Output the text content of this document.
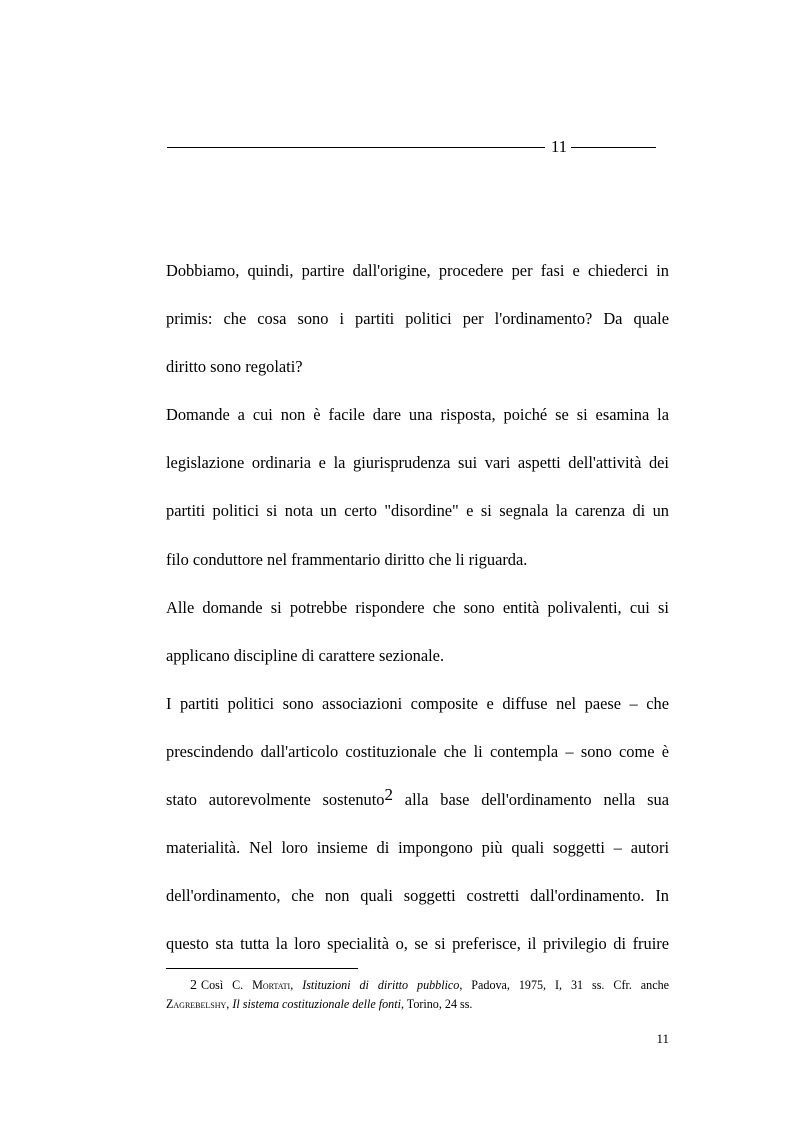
11
Dobbiamo, quindi, partire dall'origine, procedere per fasi e chiederci in
primis: che cosa sono i partiti politici per l'ordinamento? Da quale
diritto sono regolati?
Domande a cui non è facile dare una risposta, poiché se si esamina la
legislazione ordinaria e la giurisprudenza sui vari aspetti dell'attività dei
partiti politici si nota un certo "disordine" e si segnala la carenza di un
filo conduttore nel frammentario diritto che li riguarda.
Alle domande si potrebbe rispondere che sono entità polivalenti, cui si
applicano discipline di carattere sezionale.
I partiti politici sono associazioni composite e diffuse nel paese – che
prescindendo dall'articolo costituzionale che li contempla – sono come è
stato autorevolmente sostenuto2 alla base dell'ordinamento nella sua
materialità. Nel loro insieme di impongono più quali soggetti – autori
dell'ordinamento, che non quali soggetti costretti dall'ordinamento. In
questo sta tutta la loro specialità o, se si preferisce, il privilegio di fruire
2 Così C. Mortati, Istituzioni di diritto pubblico, Padova, 1975, I, 31 ss. Cfr. anche
Zagrebelshy, Il sistema costituzionale delle fonti, Torino, 24 ss.
11
